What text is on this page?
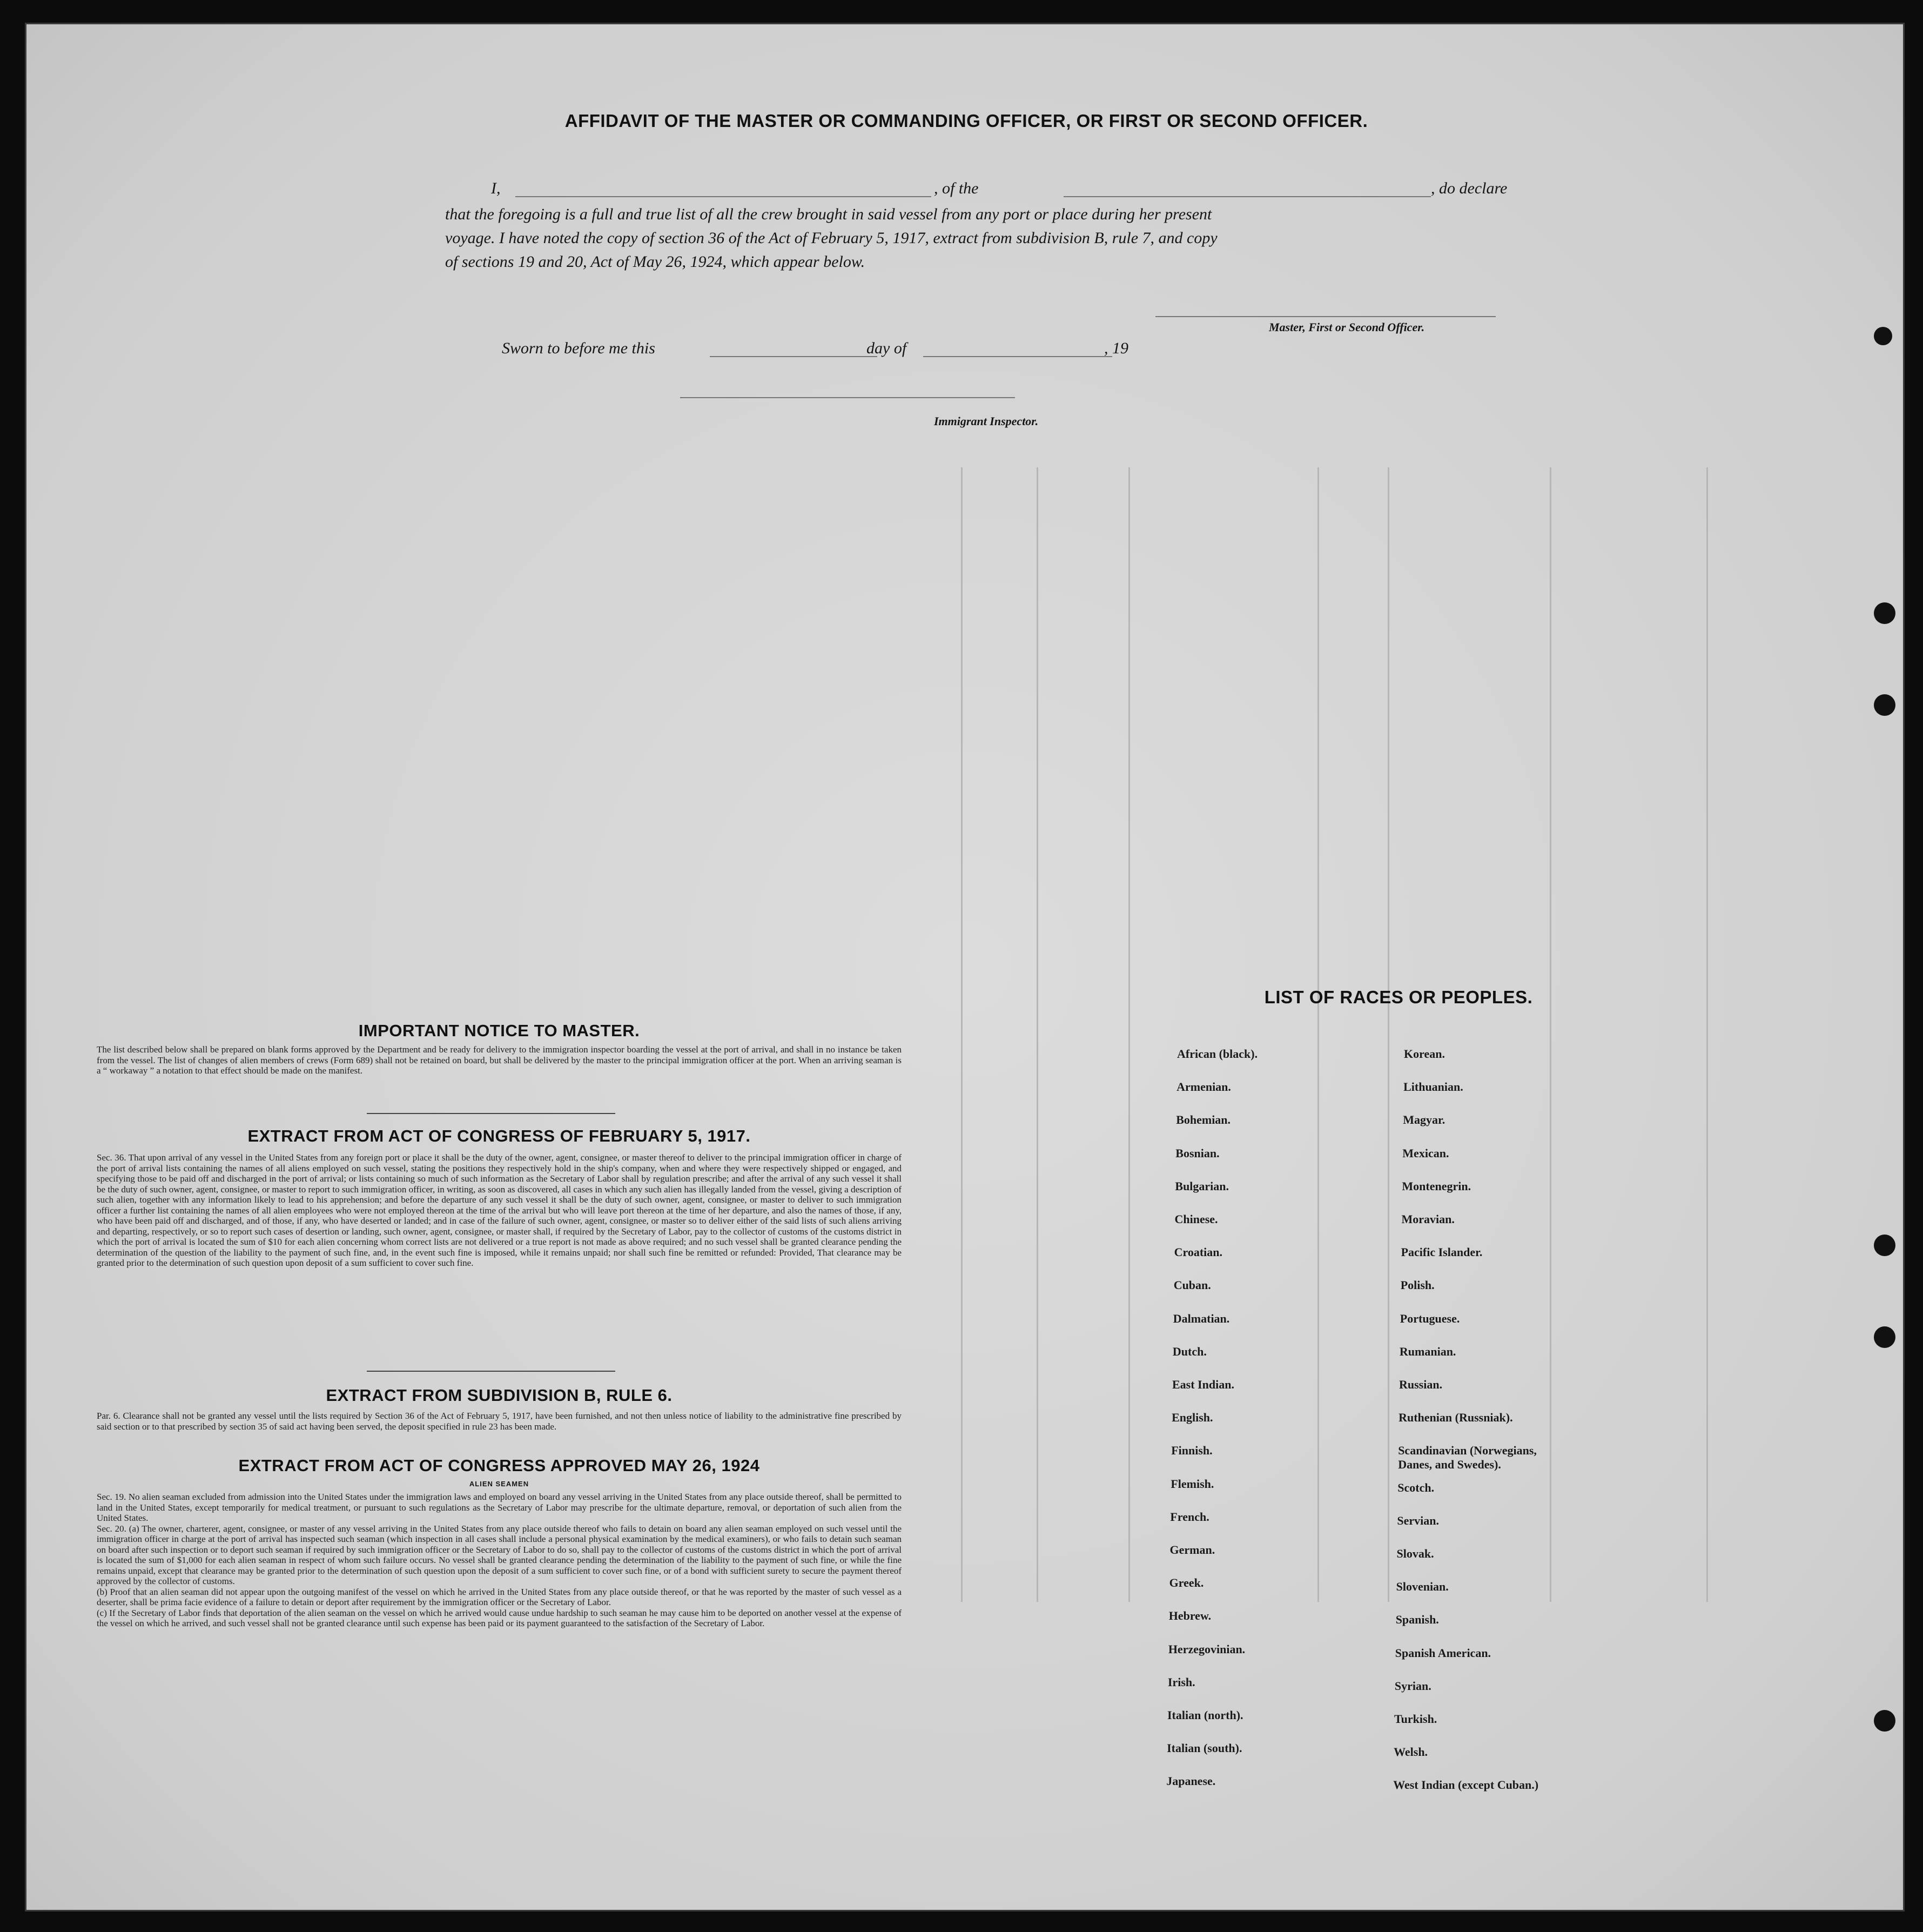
AFFIDAVIT OF THE MASTER OR COMMANDING OFFICER, OR FIRST OR SECOND OFFICER.
I,	, of the	, do declare
that the foregoing is a full and true list of all the crew brought in said vessel from any port or place during her present
voyage. I have noted the copy of section 36 of the Act of February 5, 1917, extract from subdivision B, rule 7, and copy
of sections 19 and 20, Act of May 26, 1924, which appear below.
Master, First or Second Officer.
Sworn to before me this	day of	, 19
Immigrant Inspector.
IMPORTANT NOTICE TO MASTER.
The list described below shall be prepared on blank forms approved by the Department and be ready for delivery to the immigration inspector boarding the vessel at the port of arrival, and shall in no instance be taken from the vessel. The list of changes of alien members of crews (Form 689) shall not be retained on board, but shall be delivered by the master to the principal immigration officer at the port. When an arriving seaman is a “ workaway ” a notation to that effect should be made on the manifest.
EXTRACT FROM ACT OF CONGRESS OF FEBRUARY 5, 1917.
Sec. 36. That upon arrival of any vessel in the United States from any foreign port or place it shall be the duty of the owner, agent, consignee, or master thereof to deliver to the principal immigration officer in charge of the port of arrival lists containing the names of all aliens employed on such vessel, stating the positions they respectively hold in the ship's company, when and where they were respectively shipped or engaged, and specifying those to be paid off and discharged in the port of arrival; or lists containing so much of such information as the Secretary of Labor shall by regulation prescribe; and after the arrival of any such vessel it shall be the duty of such owner, agent, consignee, or master to report to such immigration officer, in writing, as soon as discovered, all cases in which any such alien has illegally landed from the vessel, giving a description of such alien, together with any information likely to lead to his apprehension; and before the departure of any such vessel it shall be the duty of such owner, agent, consignee, or master to deliver to such immigration officer a further list containing the names of all alien employees who were not employed thereon at the time of the arrival but who will leave port thereon at the time of her departure, and also the names of those, if any, who have been paid off and discharged, and of those, if any, who have deserted or landed; and in case of the failure of such owner, agent, consignee, or master so to deliver either of the said lists of such aliens arriving and departing, respectively, or so to report such cases of desertion or landing, such owner, agent, consignee, or master shall, if required by the Secretary of Labor, pay to the collector of customs of the customs district in which the port of arrival is located the sum of $10 for each alien concerning whom correct lists are not delivered or a true report is not made as above required; and no such vessel shall be granted clearance pending the determination of the question of the liability to the payment of such fine, and, in the event such fine is imposed, while it remains unpaid; nor shall such fine be remitted or refunded: Provided, That clearance may be granted prior to the determination of such question upon deposit of a sum sufficient to cover such fine.
EXTRACT FROM SUBDIVISION B, RULE 6.
Par. 6. Clearance shall not be granted any vessel until the lists required by Section 36 of the Act of February 5, 1917, have been furnished, and not then unless notice of liability to the administrative fine prescribed by said section or to that prescribed by section 35 of said act having been served, the deposit specified in rule 23 has been made.
EXTRACT FROM ACT OF CONGRESS APPROVED MAY 26, 1924
ALIEN SEAMEN
Sec. 19. No alien seaman excluded from admission into the United States under the immigration laws and employed on board any vessel arriving in the United States from any place outside thereof, shall be permitted to land in the United States, except temporarily for medical treatment, or pursuant to such regulations as the Secretary of Labor may prescribe for the ultimate departure, removal, or deportation of such alien from the United States.
Sec. 20. (a) The owner, charterer, agent, consignee, or master of any vessel arriving in the United States from any place outside thereof who fails to detain on board any alien seaman employed on such vessel until the immigration officer in charge at the port of arrival has inspected such seaman (which inspection in all cases shall include a personal physical examination by the medical examiners), or who fails to detain such seaman on board after such inspection or to deport such seaman if required by such immigration officer or the Secretary of Labor to do so, shall pay to the collector of customs of the customs district in which the port of arrival is located the sum of $1,000 for each alien seaman in respect of whom such failure occurs. No vessel shall be granted clearance pending the determination of the liability to the payment of such fine, or while the fine remains unpaid, except that clearance may be granted prior to the determination of such question upon the deposit of a sum sufficient to cover such fine, or of a bond with sufficient surety to secure the payment thereof approved by the collector of customs.
(b) Proof that an alien seaman did not appear upon the outgoing manifest of the vessel on which he arrived in the United States from any place outside thereof, or that he was reported by the master of such vessel as a deserter, shall be prima facie evidence of a failure to detain or deport after requirement by the immigration officer or the Secretary of Labor.
(c) If the Secretary of Labor finds that deportation of the alien seaman on the vessel on which he arrived would cause undue hardship to such seaman he may cause him to be deported on another vessel at the expense of the vessel on which he arrived, and such vessel shall not be granted clearance until such expense has been paid or its payment guaranteed to the satisfaction of the Secretary of Labor.
LIST OF RACES OR PEOPLES.
African (black).
Armenian.
Bohemian.
Bosnian.
Bulgarian.
Chinese.
Croatian.
Cuban.
Dalmatian.
Dutch.
East Indian.
English.
Finnish.
Flemish.
French.
German.
Greek.
Hebrew.
Herzegovinian.
Irish.
Italian (north).
Italian (south).
Japanese.
Korean.
Lithuanian.
Magyar.
Mexican.
Montenegrin.
Moravian.
Pacific Islander.
Polish.
Portuguese.
Rumanian.
Russian.
Ruthenian (Russniak).
Scandinavian (Norwegians, Danes, and Swedes).
Scotch.
Servian.
Slovak.
Slovenian.
Spanish.
Spanish American.
Syrian.
Turkish.
Welsh.
West Indian (except Cuban.)
